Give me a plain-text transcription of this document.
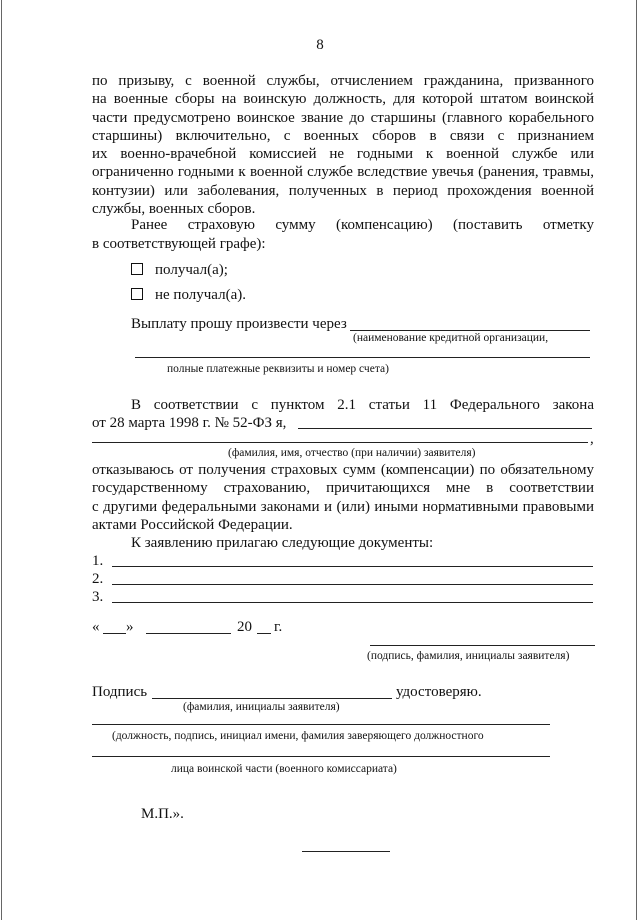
8
по призыву, с военной службы, отчислением гражданина, призванного
на военные сборы на воинскую должность, для которой штатом воинской
части предусмотрено воинское звание до старшины (главного корабельного
старшины) включительно, с военных сборов в связи с признанием
их военно-врачебной комиссией не годными к военной службе или
ограниченно годными к военной службе вследствие увечья (ранения, травмы,
контузии) или заболевания, полученных в период прохождения военной
службы, военных сборов.
Ранее страховую сумму (компенсацию) (поставить отметку
в соответствующей графе):
получал(а);
не получал(а).
Выплату прошу произвести через
(наименование кредитной организации,
полные платежные реквизиты и номер счета)
В соответствии с пунктом 2.1 статьи 11 Федерального закона
от 28 марта 1998 г. № 52-ФЗ я,
,
(фамилия, имя, отчество (при наличии) заявителя)
отказываюсь от получения страховых сумм (компенсации) по обязательному
государственному страхованию, причитающихся мне в соответствии
с другими федеральными законами и (или) иными нормативными правовыми
актами Российской Федерации.
К заявлению прилагаю следующие документы:
1.
2.
3.
« »	20 г.
(подпись, фамилия, инициалы заявителя)
Подпись	удостоверяю.
(фамилия, инициалы заявителя)
(должность, подпись, инициал имени, фамилия заверяющего должностного
лица воинской части (военного комиссариата)
М.П.».
